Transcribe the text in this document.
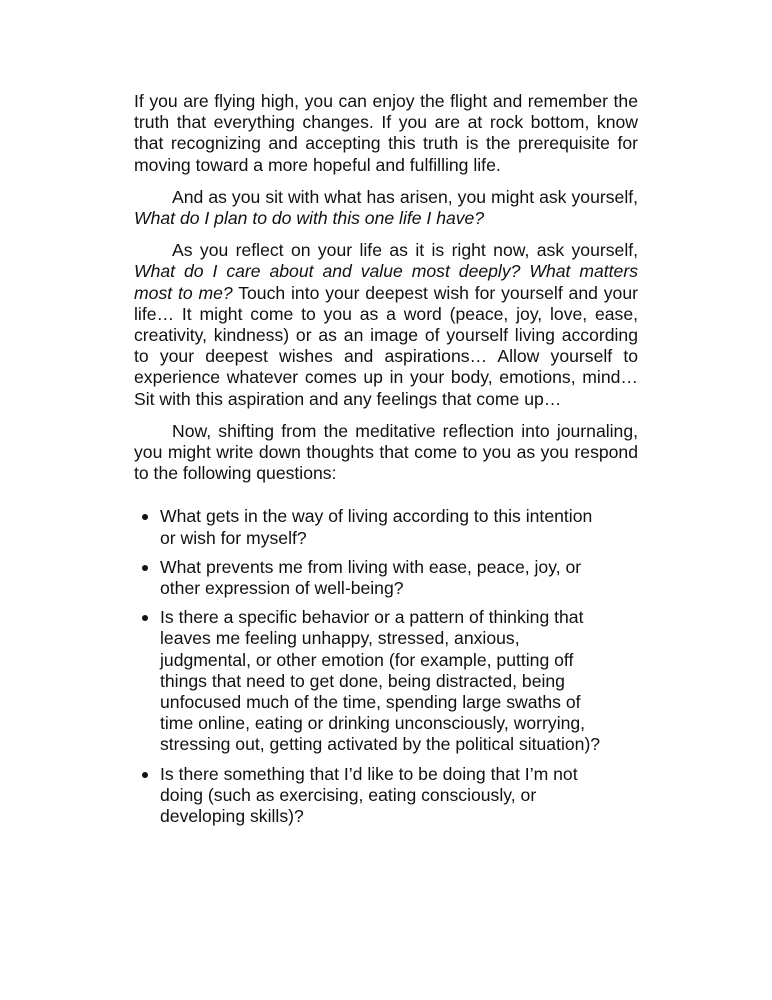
If you are flying high, you can enjoy the flight and remember the truth that everything changes. If you are at rock bottom, know that recognizing and accepting this truth is the prerequisite for moving toward a more hopeful and fulfilling life.

And as you sit with what has arisen, you might ask yourself, What do I plan to do with this one life I have?

As you reflect on your life as it is right now, ask yourself, What do I care about and value most deeply? What matters most to me? Touch into your deepest wish for yourself and your life… It might come to you as a word (peace, joy, love, ease, creativity, kindness) or as an image of yourself living according to your deepest wishes and aspirations… Allow yourself to experience whatever comes up in your body, emotions, mind… Sit with this aspiration and any feelings that come up…

Now, shifting from the meditative reflection into journaling, you might write down thoughts that come to you as you respond to the following questions:

What gets in the way of living according to this intention or wish for myself?
What prevents me from living with ease, peace, joy, or other expression of well-being?
Is there a specific behavior or a pattern of thinking that leaves me feeling unhappy, stressed, anxious, judgmental, or other emotion (for example, putting off things that need to get done, being distracted, being unfocused much of the time, spending large swaths of time online, eating or drinking unconsciously, worrying, stressing out, getting activated by the political situation)?
Is there something that I’d like to be doing that I’m not doing (such as exercising, eating consciously, or developing skills)?
